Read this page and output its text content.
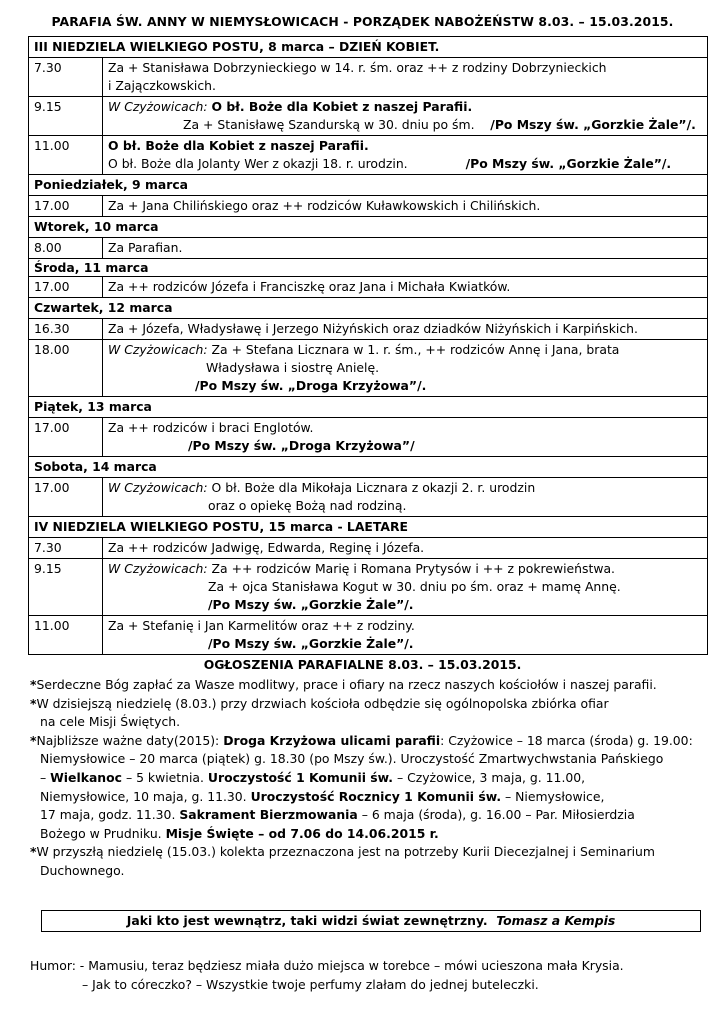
PARAFIA ŚW. ANNY W NIEMYSŁOWICACH - PORZĄDEK NABOŻEŃSTW 8.03. – 15.03.2015.
III NIEDZIELA WIELKIEGO POSTU, 8 marca – DZIEŃ KOBIET.	
7.30	Za + Stanisława Dobrzynieckiego w 14. r. śm. oraz ++ z rodziny Dobrzynieckich
i Zajączkowskich.

9.15	W Czyżowicach: O bł. Boże dla Kobiet z naszej Parafii.
Za + Stanisławę Szandurską w 30. dniu po śm. /Po Mszy św. „Gorzkie Żale”/.

11.00	O bł. Boże dla Kobiet z naszej Parafii.
O bł. Boże dla Jolanty Wer z okazji 18. r. urodzin. /Po Mszy św. „Gorzkie Żale”/.

Poniedziałek, 9 marca	
17.00	Za + Jana Chilińskiego oraz ++ rodziców Kuławkowskich i Chilińskich.
Wtorek, 10 marca	
8.00	Za Parafian.
Środa, 11 marca	
17.00	Za ++ rodziców Józefa i Franciszkę oraz Jana i Michała Kwiatków.
Czwartek, 12 marca	
16.30	Za + Józefa, Władysławę i Jerzego Niżyńskich oraz dziadków Niżyńskich i Karpińskich.
18.00	W Czyżowicach: Za + Stefana Licznara w 1. r. śm., ++ rodziców Annę i Jana, brata
Władysława i siostrę Anielę.
/Po Mszy św. „Droga Krzyżowa”/.

Piątek, 13 marca	
17.00	Za ++ rodziców i braci Englotów.
/Po Mszy św. „Droga Krzyżowa”/

Sobota, 14 marca	
17.00	W Czyżowicach: O bł. Boże dla Mikołaja Licznara z okazji 2. r. urodzin
oraz o opiekę Bożą nad rodziną.

IV NIEDZIELA WIELKIEGO POSTU, 15 marca - LAETARE	
7.30	Za ++ rodziców Jadwigę, Edwarda, Reginę i Józefa.
9.15	W Czyżowicach: Za ++ rodziców Marię i Romana Prytysów i ++ z pokrewieństwa.
Za + ojca Stanisława Kogut w 30. dniu po śm. oraz + mamę Annę.
/Po Mszy św. „Gorzkie Żale”/.

11.00	Za + Stefanię i Jan Karmelitów oraz ++ z rodziny.
/Po Mszy św. „Gorzkie Żale”/.
OGŁOSZENIA PARAFIALNE 8.03. – 15.03.2015.
*Serdeczne Bóg zapłać za Wasze modlitwy, prace i ofiary na rzecz naszych kościołów i naszej parafii.
*W dzisiejszą niedzielę (8.03.) przy drzwiach kościoła odbędzie się ogólnopolska zbiórka ofiar
na cele Misji Świętych.
*Najbliższe ważne daty(2015): Droga Krzyżowa ulicami parafii: Czyżowice – 18 marca (środa) g. 19.00:
Niemysłowice – 20 marca (piątek) g. 18.30 (po Mszy św.). Uroczystość Zmartwychwstania Pańskiego
– Wielkanoc – 5 kwietnia. Uroczystość 1 Komunii św. – Czyżowice, 3 maja, g. 11.00,
Niemysłowice, 10 maja, g. 11.30. Uroczystość Rocznicy 1 Komunii św. – Niemysłowice,
17 maja, godz. 11.30. Sakrament Bierzmowania – 6 maja (środa), g. 16.00 – Par. Miłosierdzia
Bożego w Prudniku. Misje Święte – od 7.06 do 14.06.2015 r.
*W przyszłą niedzielę (15.03.) kolekta przeznaczona jest na potrzeby Kurii Diecezjalnej i Seminarium
Duchownego.
Jaki kto jest wewnątrz, taki widzi świat zewnętrzny. Tomasz a Kempis
Humor: - Mamusiu, teraz będziesz miała dużo miejsca w torebce – mówi ucieszona mała Krysia.
– Jak to córeczko? – Wszystkie twoje perfumy zlałam do jednej buteleczki.
